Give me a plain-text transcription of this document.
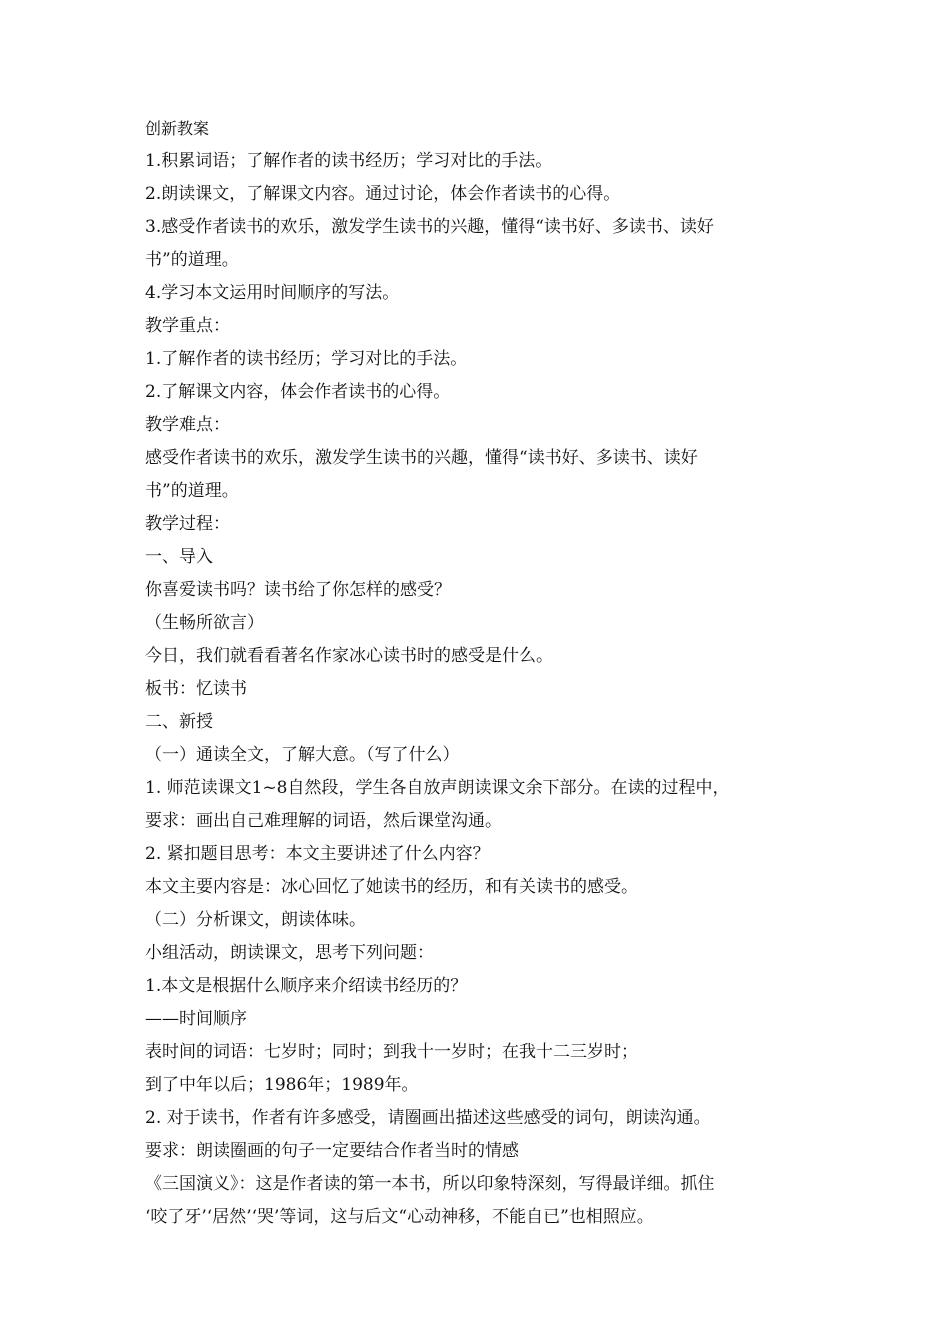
创新教案
1.积累词语；了解作者的读书经历；学习对比的手法。
2.朗读课文，了解课文内容。通过讨论，体会作者读书的心得。
3.感受作者读书的欢乐，激发学生读书的兴趣，懂得“读书好、多读书、读好
书”的道理。
4.学习本文运用时间顺序的写法。
教学重点：
1.了解作者的读书经历；学习对比的手法。
2.了解课文内容，体会作者读书的心得。
教学难点：
感受作者读书的欢乐，激发学生读书的兴趣，懂得“读书好、多读书、读好
书”的道理。
教学过程：
一、导入
你喜爱读书吗？读书给了你怎样的感受？
（生畅所欲言）
今日，我们就看看著名作家冰心读书时的感受是什么。
板书：忆读书
二、新授
（一）通读全文，了解大意。（写了什么）
1. 师范读课文1~8自然段，学生各自放声朗读课文余下部分。在读的过程中，
要求：画出自己难理解的词语，然后课堂沟通。
2. 紧扣题目思考：本文主要讲述了什么内容？
本文主要内容是：冰心回忆了她读书的经历，和有关读书的感受。
（二）分析课文，朗读体味。
小组活动，朗读课文，思考下列问题：
1.本文是根据什么顺序来介绍读书经历的？
——时间顺序
表时间的词语：七岁时；同时；到我十一岁时；在我十二三岁时；
到了中年以后；1986年；1989年。
2. 对于读书，作者有许多感受，请圈画出描述这些感受的词句，朗读沟通。
要求：朗读圈画的句子一定要结合作者当时的情感
《三国演义》：这是作者读的第一本书，所以印象特深刻，写得最详细。抓住
‘咬了牙’‘居然’‘哭’等词，这与后文“心动神移，不能自已”也相照应。
